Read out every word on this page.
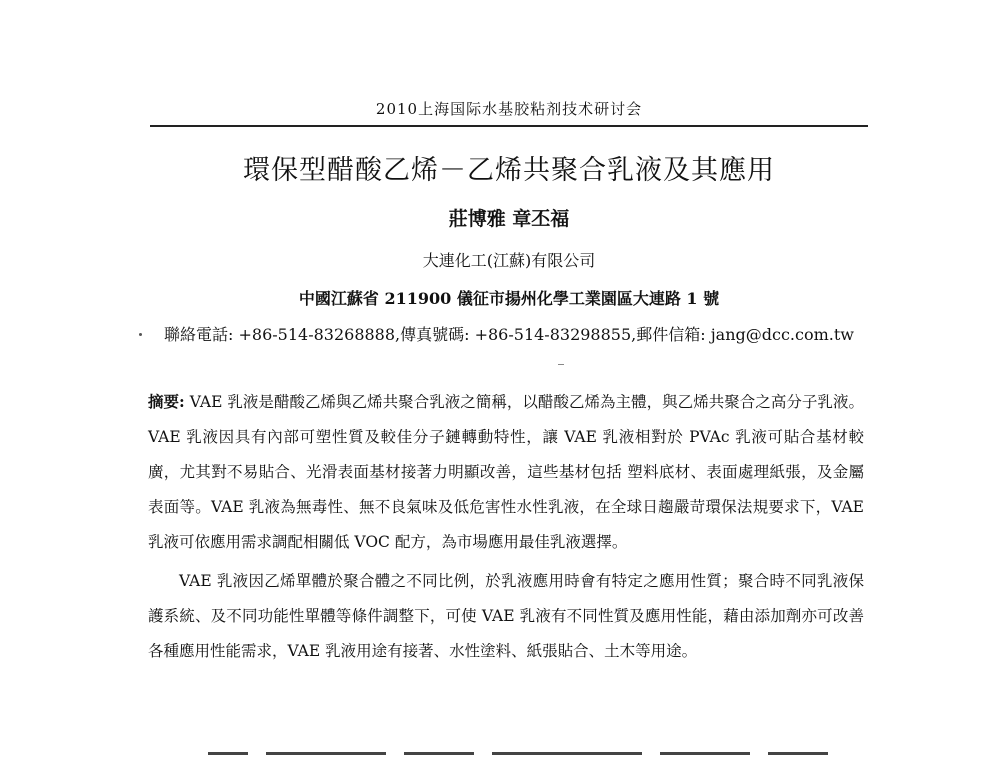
2010上海国际水基胶粘剂技术研讨会
環保型醋酸乙烯－乙烯共聚合乳液及其應用
莊博雅 章丕福
大連化工(江蘇)有限公司
中國江蘇省 211900 儀征市揚州化學工業園區大連路 1 號
聯絡電話: +86-514-83268888,傳真號碼: +86-514-83298855,郵件信箱: jang@dcc.com.tw

摘要: VAE 乳液是醋酸乙烯與乙烯共聚合乳液之簡稱，以醋酸乙烯為主體，與乙烯共聚合之高分子乳液。VAE 乳液因具有內部可塑性質及較佳分子鏈轉動特性，讓 VAE 乳液相對於 PVAc 乳液可貼合基材較廣，尤其對不易貼合、光滑表面基材接著力明顯改善，這些基材包括 塑料底材、表面處理紙張，及金屬表面等。VAE 乳液為無毒性、無不良氣味及低危害性水性乳液，在全球日趨嚴苛環保法規要求下，VAE 乳液可依應用需求調配相關低 VOC 配方，為市場應用最佳乳液選擇。

VAE 乳液因乙烯單體於聚合體之不同比例，於乳液應用時會有特定之應用性質；聚合時不同乳液保護系統、及不同功能性單體等條件調整下，可使 VAE 乳液有不同性質及應用性能，藉由添加劑亦可改善各種應用性能需求，VAE 乳液用途有接著、水性塗料、紙張貼合、土木等用途。
